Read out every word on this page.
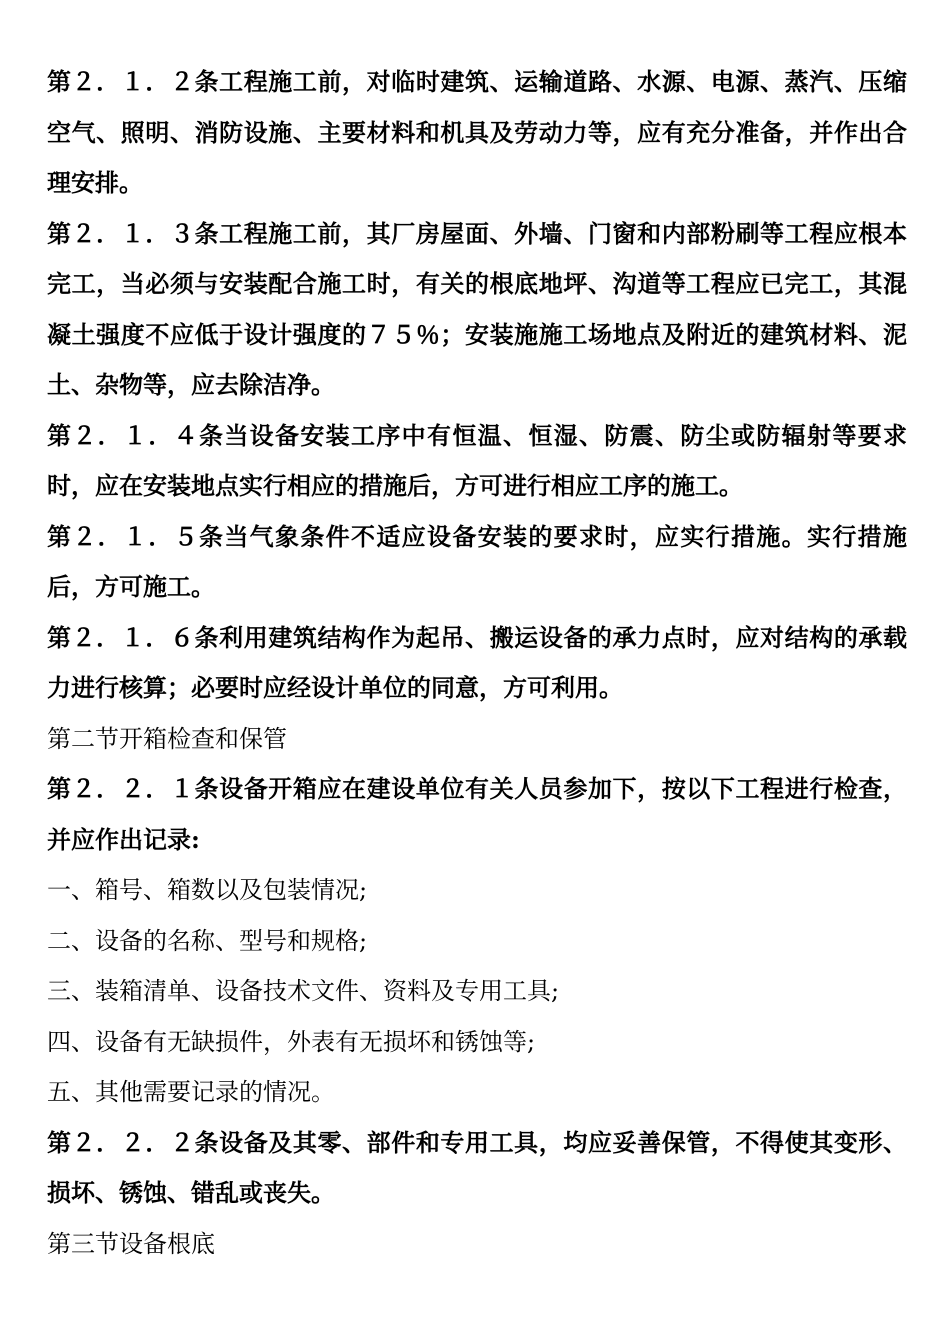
第２．１．２条工程施工前，对临时建筑、运输道路、水源、电源、蒸汽、压缩空气、照明、消防设施、主要材料和机具及劳动力等，应有充分准备，并作出合理安排。

第２．１．３条工程施工前，其厂房屋面、外墙、门窗和内部粉刷等工程应根本完工，当必须与安装配合施工时，有关的根底地坪、沟道等工程应已完工，其混凝土强度不应低于设计强度的７５％；安装施施工场地点及附近的建筑材料、泥土、杂物等，应去除洁净。

第２．１．４条当设备安装工序中有恒温、恒湿、防震、防尘或防辐射等要求时，应在安装地点实行相应的措施后，方可进行相应工序的施工。

第２．１．５条当气象条件不适应设备安装的要求时，应实行措施。实行措施后，方可施工。

第２．１．６条利用建筑结构作为起吊、搬运设备的承力点时，应对结构的承载力进行核算；必要时应经设计单位的同意，方可利用。

第二节开箱检查和保管

第２．２．１条设备开箱应在建设单位有关人员参加下，按以下工程进行检查，并应作出记录:

一、箱号、箱数以及包装情况;

二、设备的名称、型号和规格;

三、装箱清单、设备技术文件、资料及专用工具;

四、设备有无缺损件，外表有无损坏和锈蚀等;

五、其他需要记录的情况。

第２．２．２条设备及其零、部件和专用工具，均应妥善保管，不得使其变形、损坏、锈蚀、错乱或丧失。

第三节设备根底
